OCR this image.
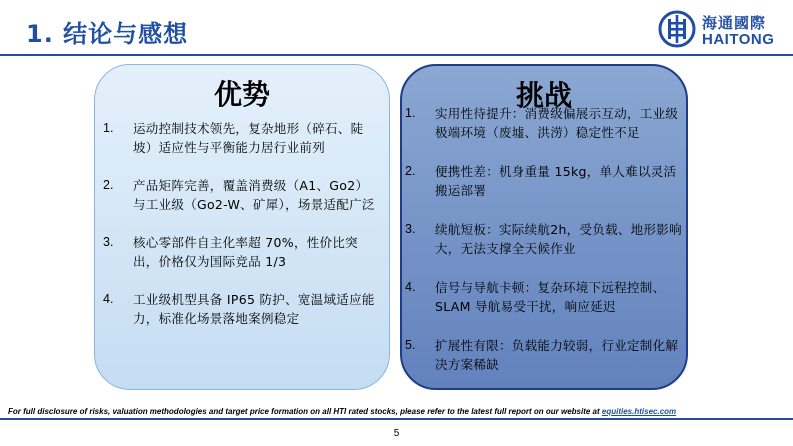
1. 结论与感想	海通國際
HAITONG
优势
1.	运动控制技术领先，复杂地形（碎石、陡坡）适应性与平衡能力居行业前列
2.	产品矩阵完善，覆盖消费级（A1、Go2）与工业级（Go2-W、矿犀），场景适配广泛
3.	核心零部件自主化率超 70%，性价比突出，价格仅为国际竞品 1/3
4.	工业级机型具备 IP65 防护、宽温域适应能力，标准化场景落地案例稳定
挑战
1.	实用性待提升：消费级偏展示互动，工业级极端环境（废墟、洪涝）稳定性不足
2.	便携性差：机身重量 15kg，单人难以灵活搬运部署
3.	续航短板：实际续航2h，受负载、地形影响大，无法支撑全天候作业
4.	信号与导航卡顿：复杂环境下远程控制、SLAM 导航易受干扰，响应延迟
5.	扩展性有限：负载能力较弱，行业定制化解决方案稀缺
For full disclosure of risks, valuation methodologies and target price formation on all HTI rated stocks, please refer to the latest full report on our website at equities.htisec.com
5
